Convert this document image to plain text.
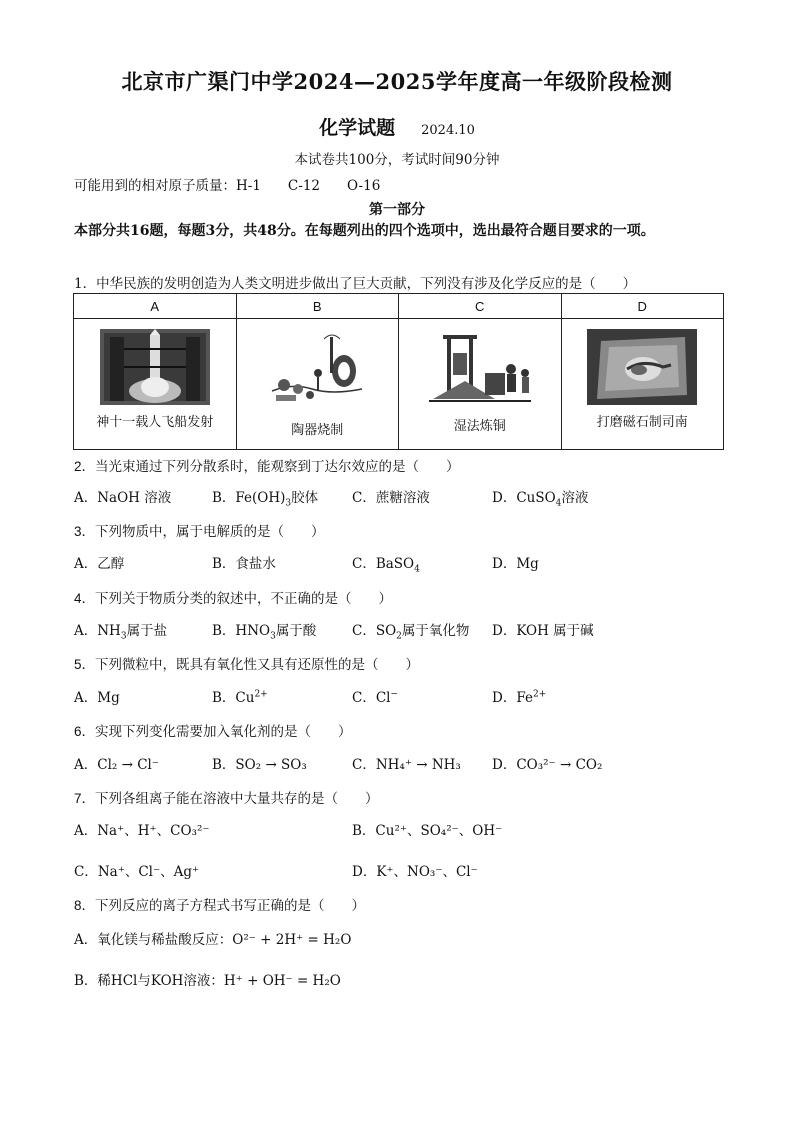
北京市广渠门中学2024—2025学年度高一年级阶段检测
化学试题 2024.10
本试卷共100分，考试时间90分钟
可能用到的相对原子质量：H-1　　C-12　　O-16
第一部分
本部分共16题，每题3分，共48分。在每题列出的四个选项中，选出最符合题目要求的一项。
1．中华民族的发明创造为人类文明进步做出了巨大贡献，下列没有涉及化学反应的是（　　）
A	B	C	D

神十一载人飞船发射	陶器烧制	湿法炼铜	打磨磁石制司南
2．当光束通过下列分散系时，能观察到丁达尔效应的是（　　）
A．NaOH 溶液	B．$Fe(OH)_3$胶体	C．蔗糖溶液	D．CuSO$_4$溶液
3．下列物质中，属于电解质的是（　　）
A．乙醇	B．食盐水	C．BaSO$_4$	D．Mg
4．下列关于物质分类的叙述中，不正确的是（　　）
A．$NH_3$属于盐	B．$HNO_3$属于酸	C．$SO_2$属于氧化物 D．KOH 属于碱
5．下列微粒中，既具有氧化性又具有还原性的是（　　）
A．Mg	B．$Cu^{2+}$	C．Cl−	D．$Fe^{2+}$
6．实现下列变化需要加入氧化剂的是（　　）
A．Cl₂ → Cl⁻	B．SO₂ → SO₃	C．NH₄⁺ → NH₃ D．CO₃²⁻ → CO₂
7．下列各组离子能在溶液中大量共存的是（　　）
A．Na⁺、H⁺、CO₃²⁻	B．Cu²⁺、SO₄²⁻、OH⁻
C．Na⁺、Cl⁻、Ag⁺	D．K⁺、NO₃⁻、Cl⁻
8．下列反应的离子方程式书写正确的是（　　）
A．氧化镁与稀盐酸反应：O²⁻ + 2H⁺ = H₂O
B．稀HCl与KOH溶液：H⁺ + OH⁻ = H₂O
